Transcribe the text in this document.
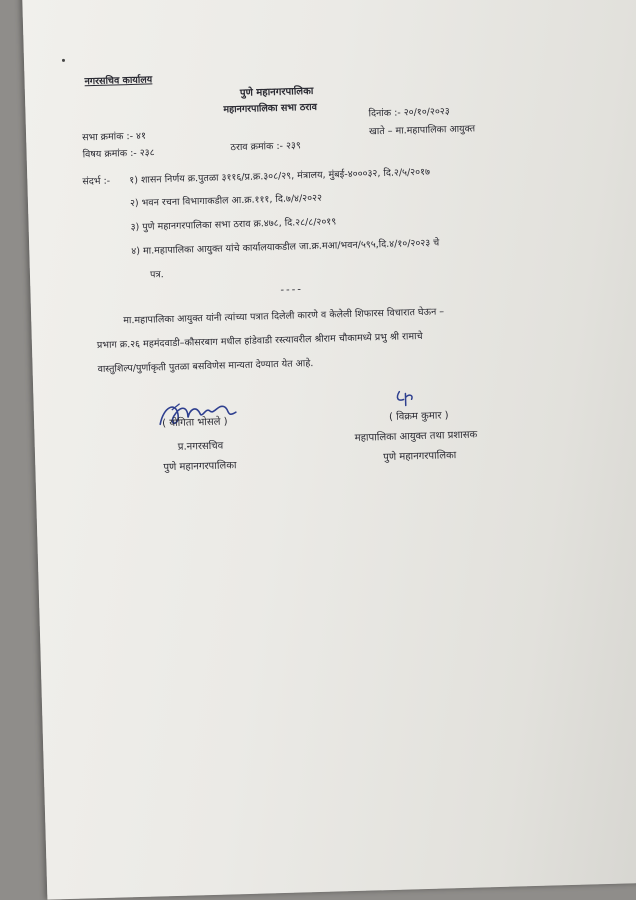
नगरसचिव कार्यालय
पुणे महानगरपालिका
महानगरपालिका सभा ठराव	दिनांक :- २०/१०/२०२३
खाते – मा.महापालिका आयुक्त
सभा क्रमांक :- ४१
विषय क्रमांक :- २३८
ठराव क्रमांक :- २३९
संदर्भ :- १) शासन निर्णय क्र.पुतळा ३११६/प्र.क्र.३०८/२९, मंत्रालय, मुंबई-४०००३२, दि.२/५/२०१७
२) भवन रचना विभागाकडील आ.क्र.१११, दि.७/४/२०२२
३) पुणे महानगरपालिका सभा ठराव क्र.४७८, दि.२८/८/२०१९
४) मा.महापालिका आयुक्त यांचे कार्यालयाकडील जा.क्र.मआ/भवन/५९५,दि.४/१०/२०२३ चे
पत्र.
----
मा.महापालिका आयुक्त यांनी त्यांच्या पत्रात दिलेली कारणे व केलेली शिफारस विचारात घेऊन –
प्रभाग क्र.२६ महमंदवाडी–कौसरबाग मधील हांडेवाडी रस्त्यावरील श्रीराम चौकामध्ये प्रभु श्री रामाचे
वास्तुशिल्प/पुर्णाकृती पुतळा बसविणेस मान्यता देण्यात येत आहे.
( योगिता भोसले )
प्र.नगरसचिव
पुणे महानगरपालिका
( विक्रम कुमार )
महापालिका आयुक्त तथा प्रशासक
पुणे महानगरपालिका
